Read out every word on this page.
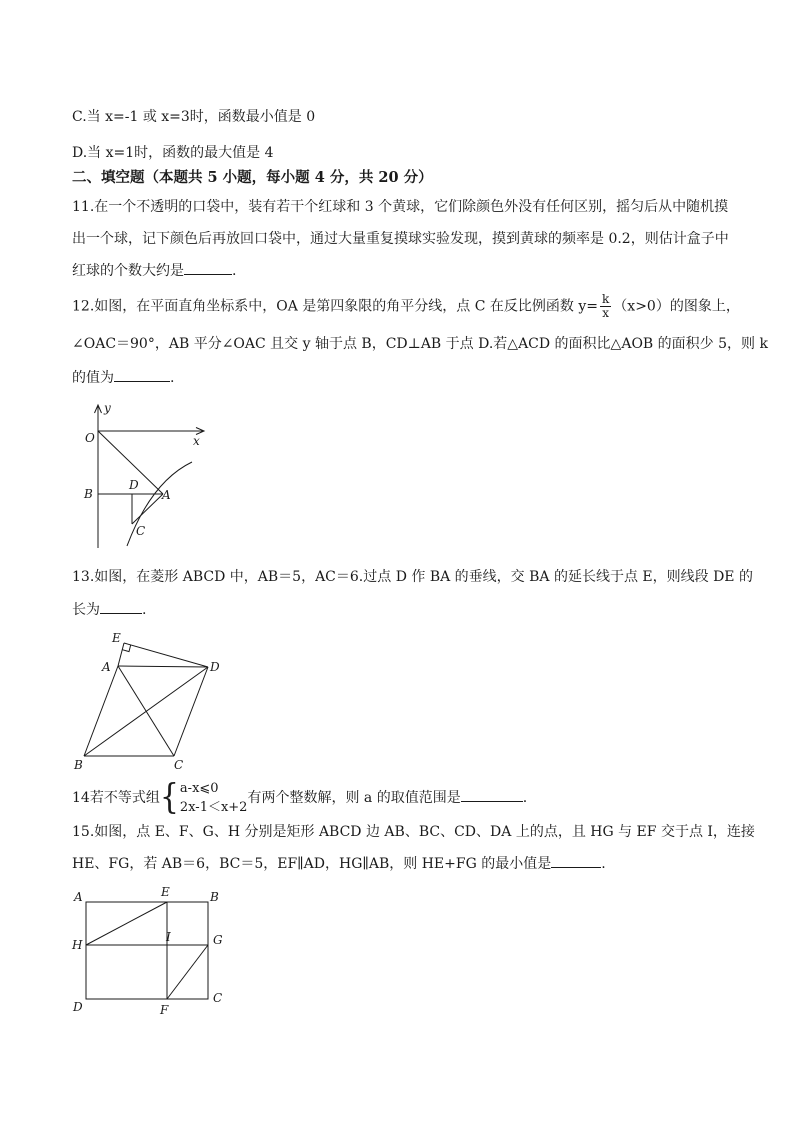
C.当 x=-1 或 x=3时，函数最小值是 0
D.当 x=1时，函数的最大值是 4
二、填空题（本题共 5 小题，每小题 4 分，共 20 分）
11.在一个不透明的口袋中，装有若干个红球和 3 个黄球，它们除颜色外没有任何区别，摇匀后从中随机摸
出一个球，记下颜色后再放回口袋中，通过大量重复摸球实验发现，摸到黄球的频率是 0.2，则估计盒子中
红球的个数大约是	.
12.如图，在平面直角坐标系中，OA 是第四象限的角平分线，点 C 在反比例函数 $y= \frac{k}{x} (x>0)$的图象上，
∠OAC＝90°，AB 平分∠OAC 且交 y 轴于点 B，CD⊥AB 于点 D.若△ACD 的面积比△AOB 的面积少 5，则 k
的值为	.
y
O	x
B
D
A
C
13.如图，在菱形 ABCD 中，AB＝5，AC＝6.过点 D 作 BA 的垂线，交 BA 的延长线于点 E，则线段 DE 的
长为	.
E
A	D
B	C
14若不等式组{ a-x⩽0
2x-1＜x+2
有两个整数解，则 a 的取值范围是	.
15.如图，点 E、F、G、H 分别是矩形 ABCD 边 AB、BC、CD、DA 上的点，且 HG 与 EF 交于点 I，连接
HE、FG，若 AB＝6，BC＝5，EF∥AD，HG∥AB，则 HE+FG 的最小值是	.
A	E	B
H
I	G
D	F
C
